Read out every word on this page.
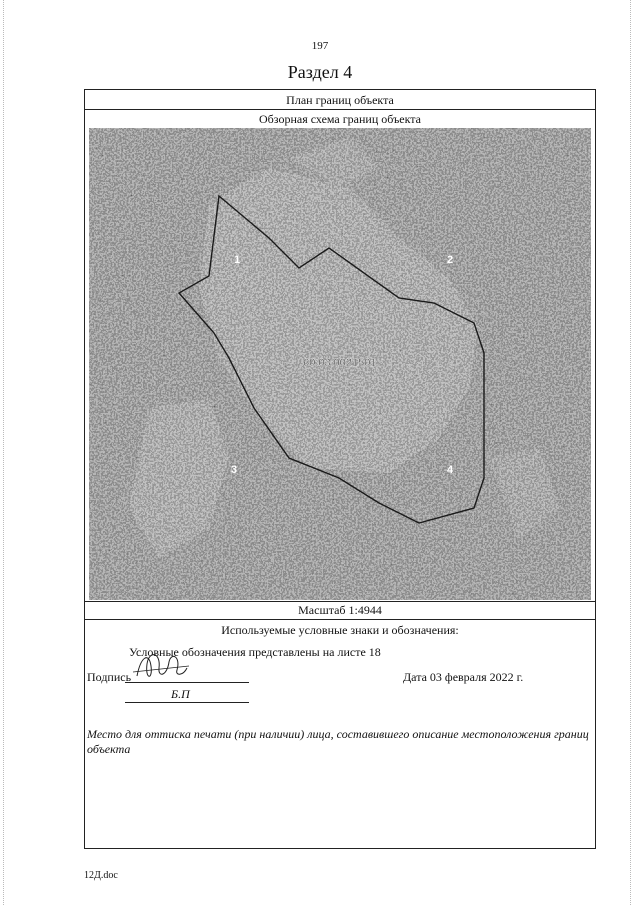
197
Раздел 4
План границ объекта
Обзорная схема границ объекта
60:03:0021501
1	2
3	4
Масштаб 1:4944
Используемые условные знаки и обозначения:
Условные обозначения представлены на листе 18
Подпись
Б.П
Дата 03 февраля 2022 г.
Место для оттиска печати (при наличии) лица, составившего описание местоположения границ объекта
12Д.doc
